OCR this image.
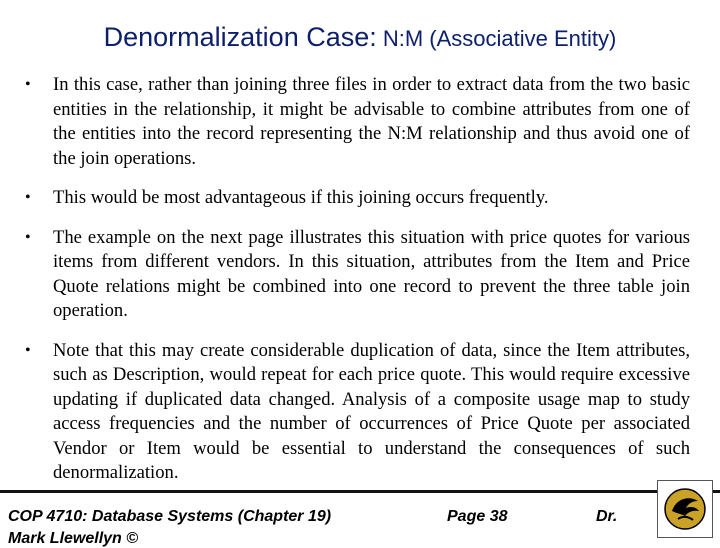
Denormalization Case: N:M (Associative Entity)
• In this case, rather than joining three files in order to extract data from the two basic entities in the relationship, it might be advisable to combine attributes from one of the entities into the record representing the N:M relationship and thus avoid one of the join operations.
• This would be most advantageous if this joining occurs frequently.
• The example on the next page illustrates this situation with price quotes for various items from different vendors. In this situation, attributes from the Item and Price Quote relations might be combined into one record to prevent the three table join operation.
• Note that this may create considerable duplication of data, since the Item attributes, such as Description, would repeat for each price quote. This would require excessive updating if duplicated data changed. Analysis of a composite usage map to study access frequencies and the number of occurrences of Price Quote per associated Vendor or Item would be essential to understand the consequences of such denormalization.
COP 4710: Database Systems (Chapter 19)	Page 38	Dr.
Mark Llewellyn ©
